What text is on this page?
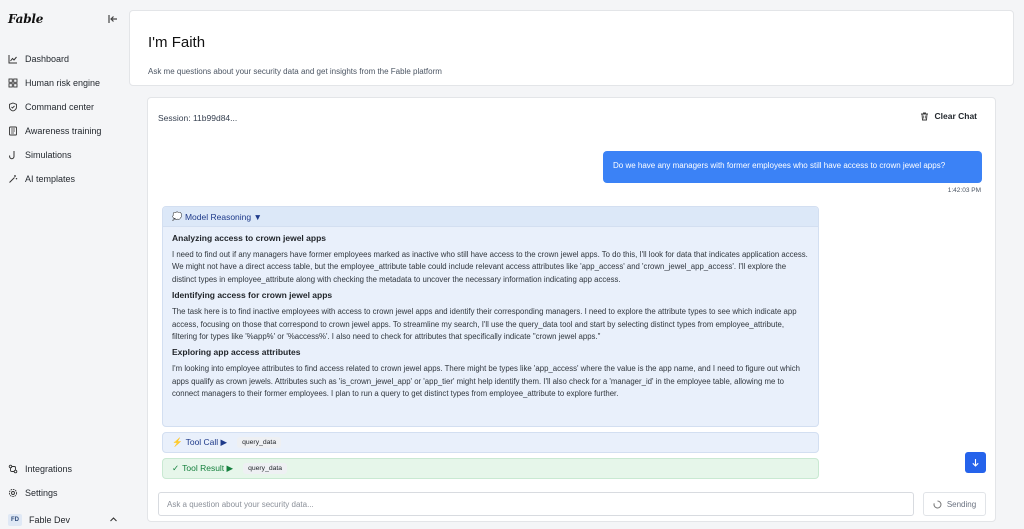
Fable
Dashboard
Human risk engine
Command center
Awareness training
Simulations
AI templates
Integrations
Settings
FD	Fable Dev
I'm Faith
Ask me questions about your security data and get insights from the Fable platform
Session: 11b99d84...	Clear Chat
Do we have any managers with former employees who still have access to crown jewel apps?
1:42:03 PM
💭 Model Reasoning ▼
Analyzing access to crown jewel apps
I need to find out if any managers have former employees marked as inactive who still have access to the crown jewel apps. To do this, I'll look for data that indicates application access. We might not have a direct access table, but the employee_attribute table could include relevant access attributes like 'app_access' and 'crown_jewel_app_access'. I'll explore the distinct types in employee_attribute along with checking the metadata to uncover the necessary information indicating app access.
Identifying access for crown jewel apps
The task here is to find inactive employees with access to crown jewel apps and identify their corresponding managers. I need to explore the attribute types to see which indicate app access, focusing on those that correspond to crown jewel apps. To streamline my search, I'll use the query_data tool and start by selecting distinct types from employee_attribute, filtering for types like '%app%' or '%access%'. I also need to check for attributes that specifically indicate "crown jewel apps."
Exploring app access attributes
I'm looking into employee attributes to find access related to crown jewel apps. There might be types like 'app_access' where the value is the app name, and I need to figure out which apps qualify as crown jewels. Attributes such as 'is_crown_jewel_app' or 'app_tier' might help identify them. I'll also check for a 'manager_id' in the employee table, allowing me to connect managers to their former employees. I plan to run a query to get distinct types from employee_attribute to explore further.
⚡ Tool Call ▶	query_data
✓ Tool Result ▶	query_data
Ask a question about your security data...
Sending
